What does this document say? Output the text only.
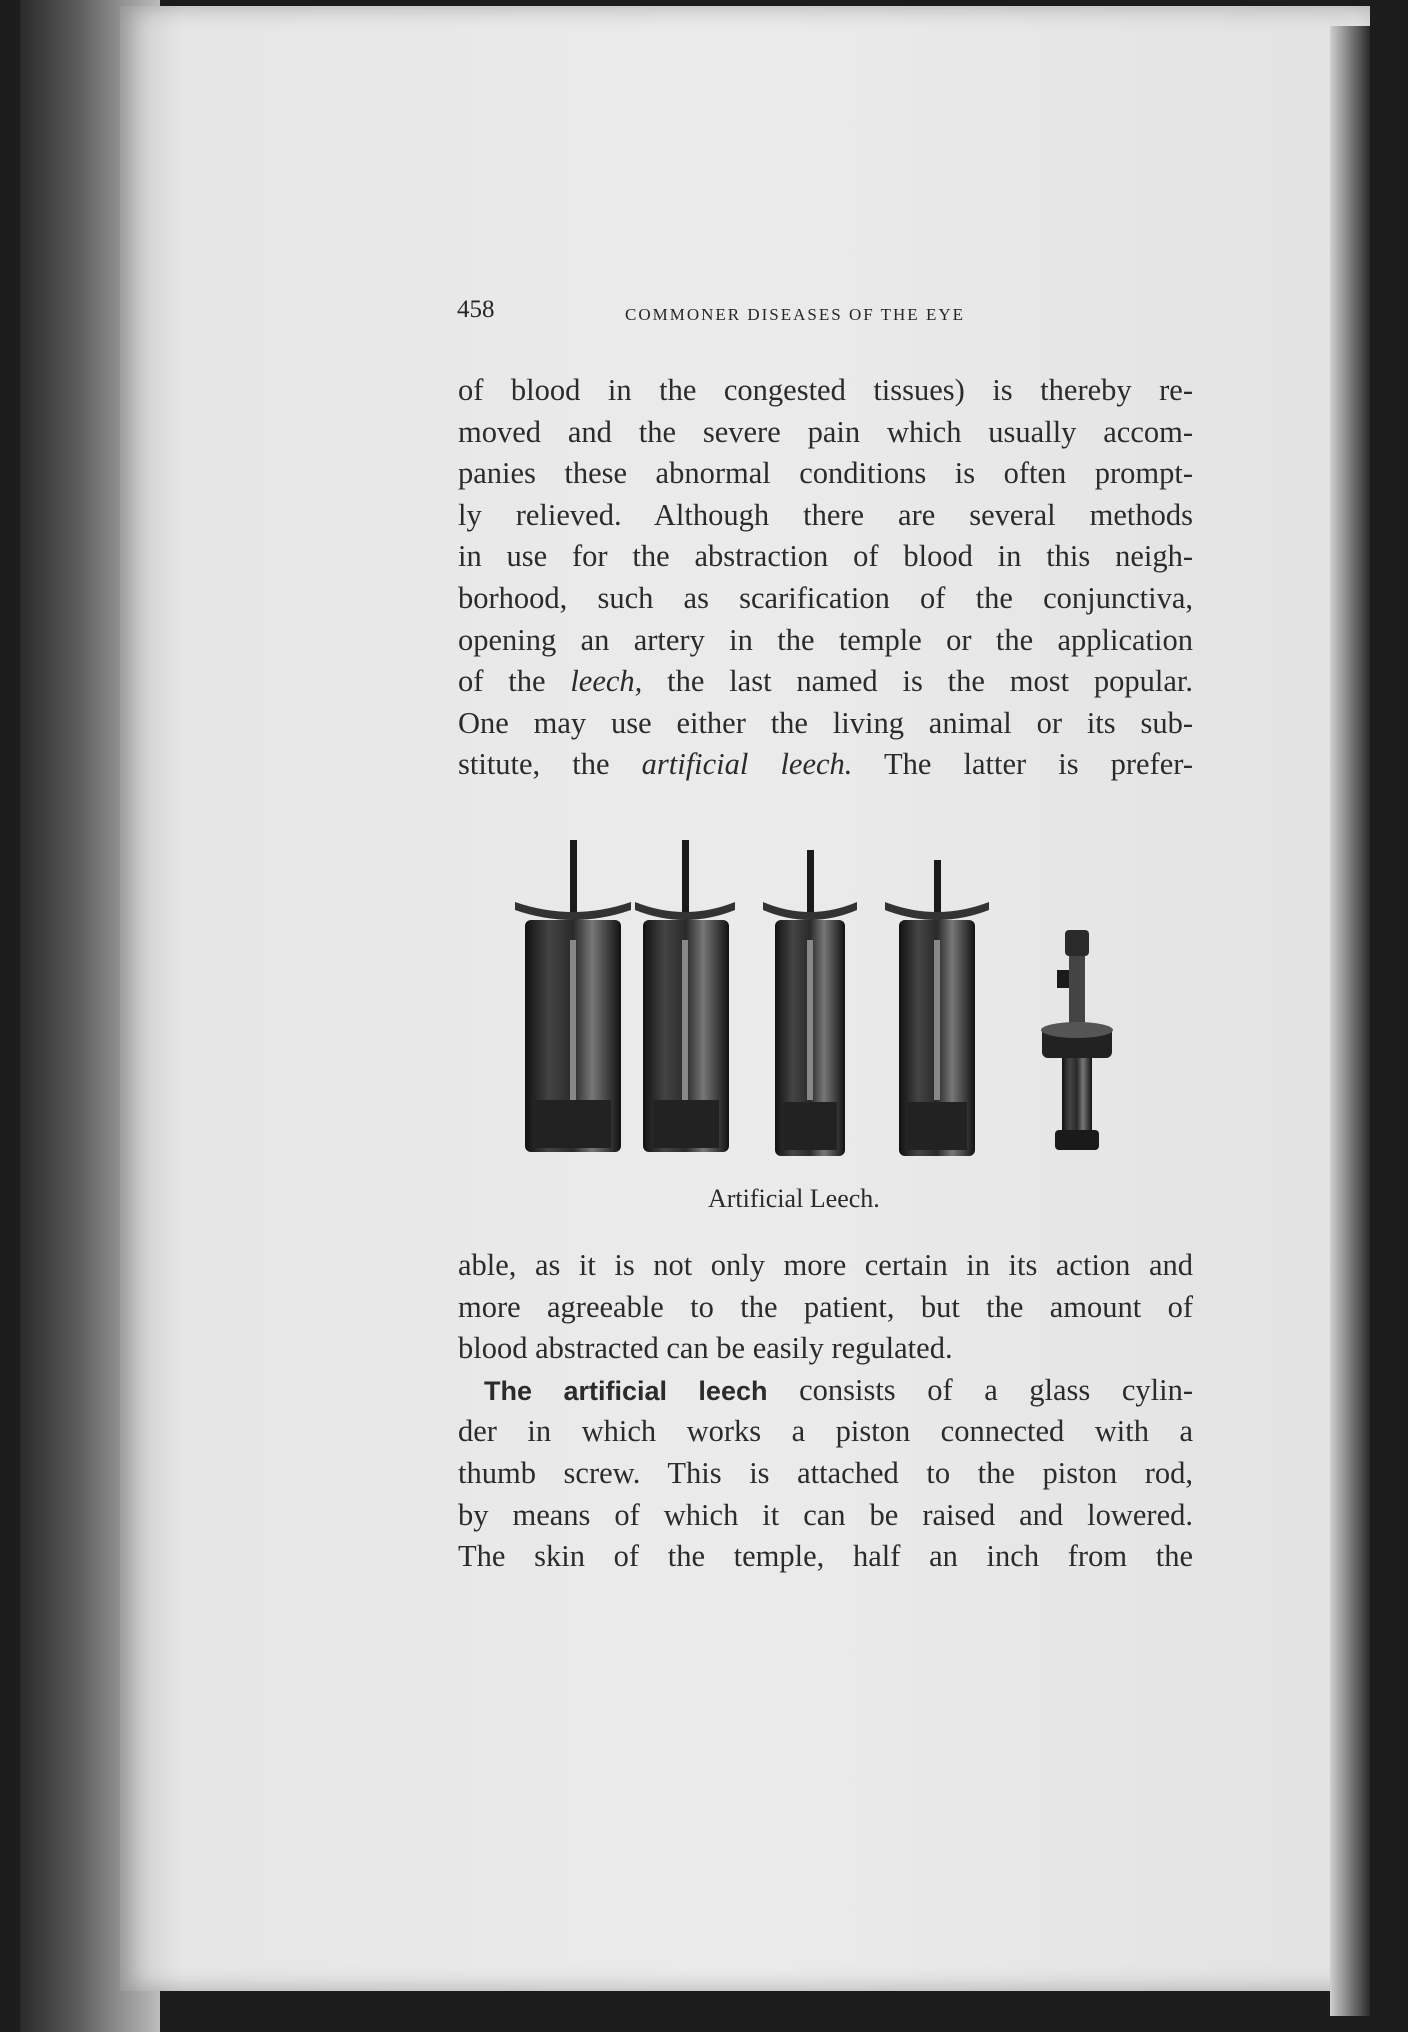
458	COMMONER DISEASES OF THE EYE
of blood in the congested tissues) is thereby re-
moved and the severe pain which usually accom-
panies these abnormal conditions is often prompt-
ly relieved. Although there are several methods
in use for the abstraction of blood in this neigh-
borhood, such as scarification of the conjunctiva,
opening an artery in the temple or the application
of the leech, the last named is the most popular.
One may use either the living animal or its sub-
stitute, the artificial leech. The latter is prefer-
Artificial Leech.
able, as it is not only more certain in its action and
more agreeable to the patient, but the amount of
blood abstracted can be easily regulated.
The artificial leech consists of a glass cylin-
der in which works a piston connected with a
thumb screw. This is attached to the piston rod,
by means of which it can be raised and lowered.
The skin of the temple, half an inch from the
